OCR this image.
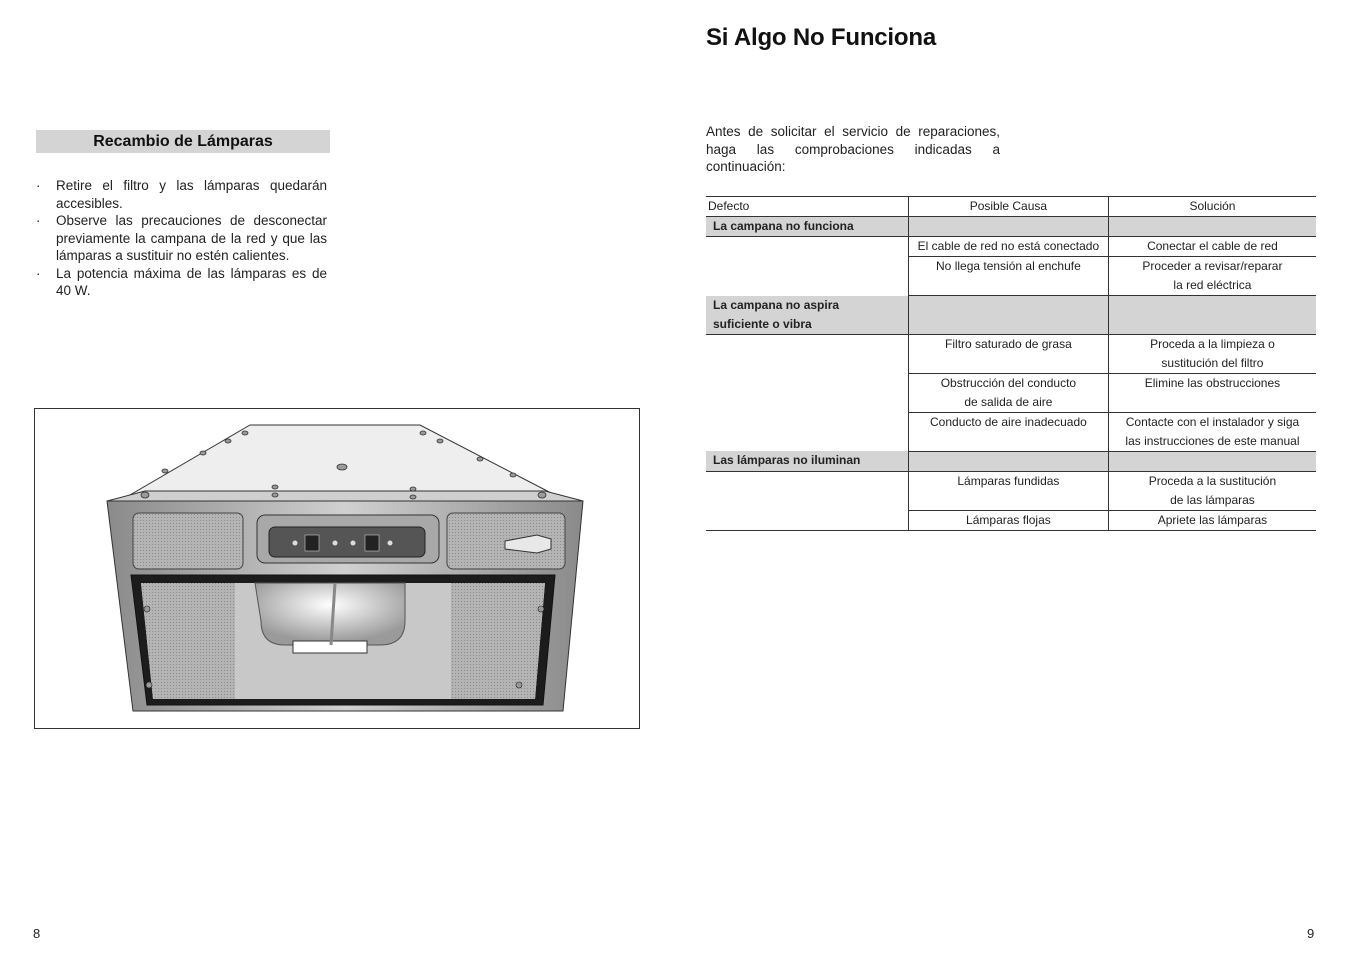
Recambio de Lámparas
· Retire el filtro y las lámparas quedarán accesibles.
· Observe las precauciones de desconectar previamente la campana de la red y que las lámparas a sustituir no estén calientes.
· La potencia máxima de las lámparas es de 40 W.
8
Si Algo No Funciona

Antes de solicitar el servicio de reparaciones, haga las comprobaciones indicadas a continuación:

Defecto	Posible Causa	Solución
La campana no funciona		
	El cable de red no está conectado	Conectar el cable de red

	No llega tensión al enchufe	Proceder a revisar/reparar
la red eléctrica

La campana no aspira
suficiente o vibra		

	Filtro saturado de grasa	Proceda a la limpieza o
sustitución del filtro

	Obstrucción del conducto
de salida de aire	Elimine las obstrucciones

	Conducto de aire inadecuado	Contacte con el instalador y siga
las instrucciones de este manual

Las lámparas no iluminan		

	Lámparas fundidas	Proceda a la sustitución
de las lámparas

	Lámparas flojas	Apriete las lámparas
9
